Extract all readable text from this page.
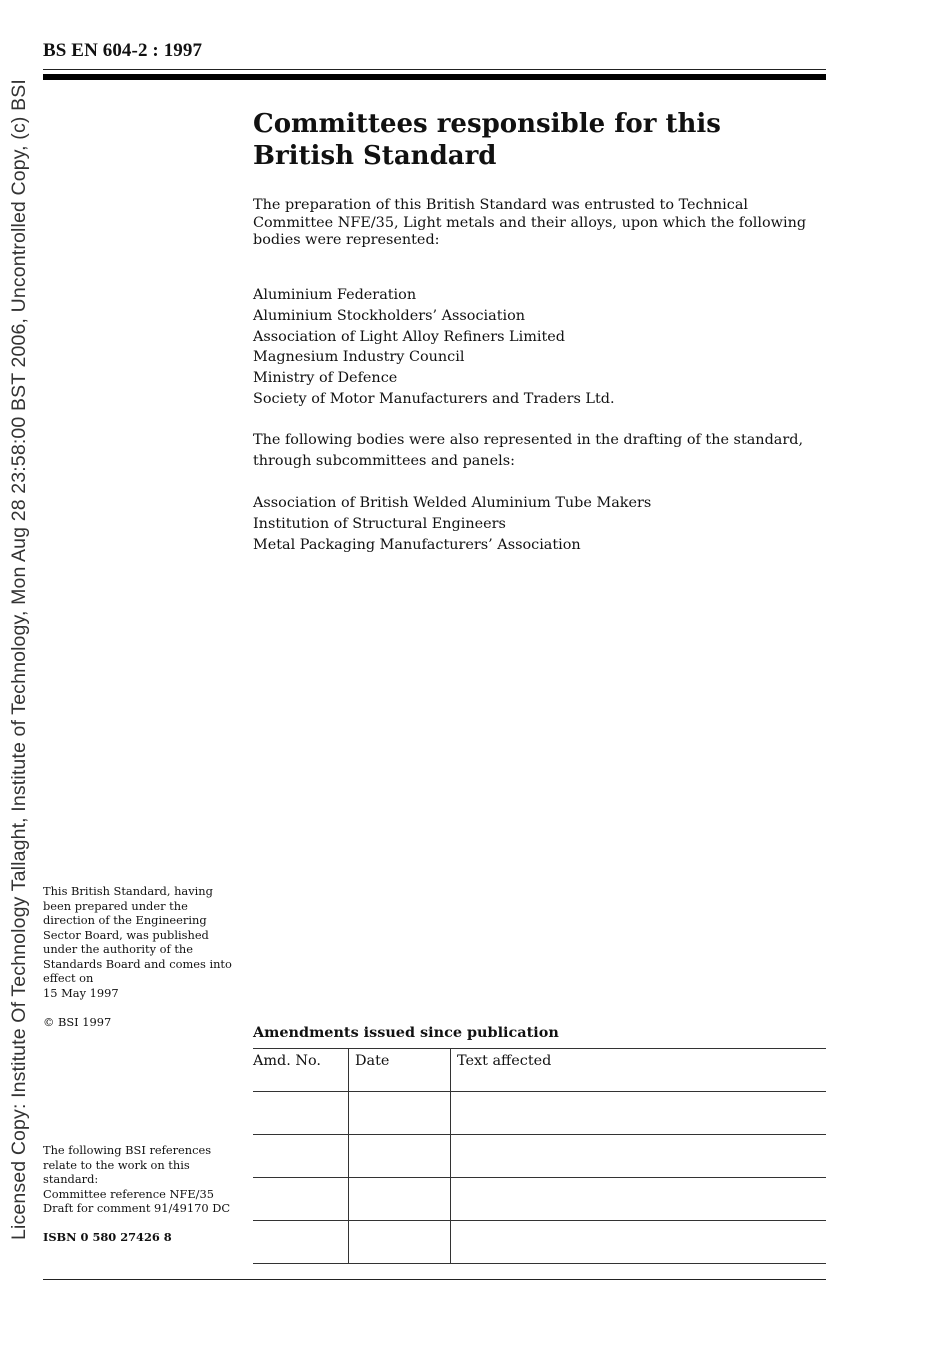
BS EN 604-2 : 1997
Licensed Copy: Institute Of Technology Tallaght, Institute of Technology, Mon Aug 28 23:58:00 BST 2006, Uncontrolled Copy, (c) BSI	Committees responsible for this
British Standard

The preparation of this British Standard was entrusted to Technical Committee NFE/35, Light metals and their alloys, upon which the following bodies were represented:

Aluminium Federation
Aluminium Stockholders’ Association
Association of Light Alloy Refiners Limited
Magnesium Industry Council
Ministry of Defence
Society of Motor Manufacturers and Traders Ltd.

The following bodies were also represented in the drafting of the standard, through subcommittees and panels:

Association of British Welded Aluminium Tube Makers
Institution of Structural Engineers
Metal Packaging Manufacturers’ Association

This British Standard, having been prepared under the direction of the Engineering Sector Board, was published under the authority of the Standards Board and comes into effect on
15 May 1997

© BSI 1997

The following BSI references relate to the work on this standard:
Committee reference NFE/35
Draft for comment 91/49170 DC

ISBN 0 580 27426 8
Amendments issued since publication
Amd. No.	Date	Text affected
